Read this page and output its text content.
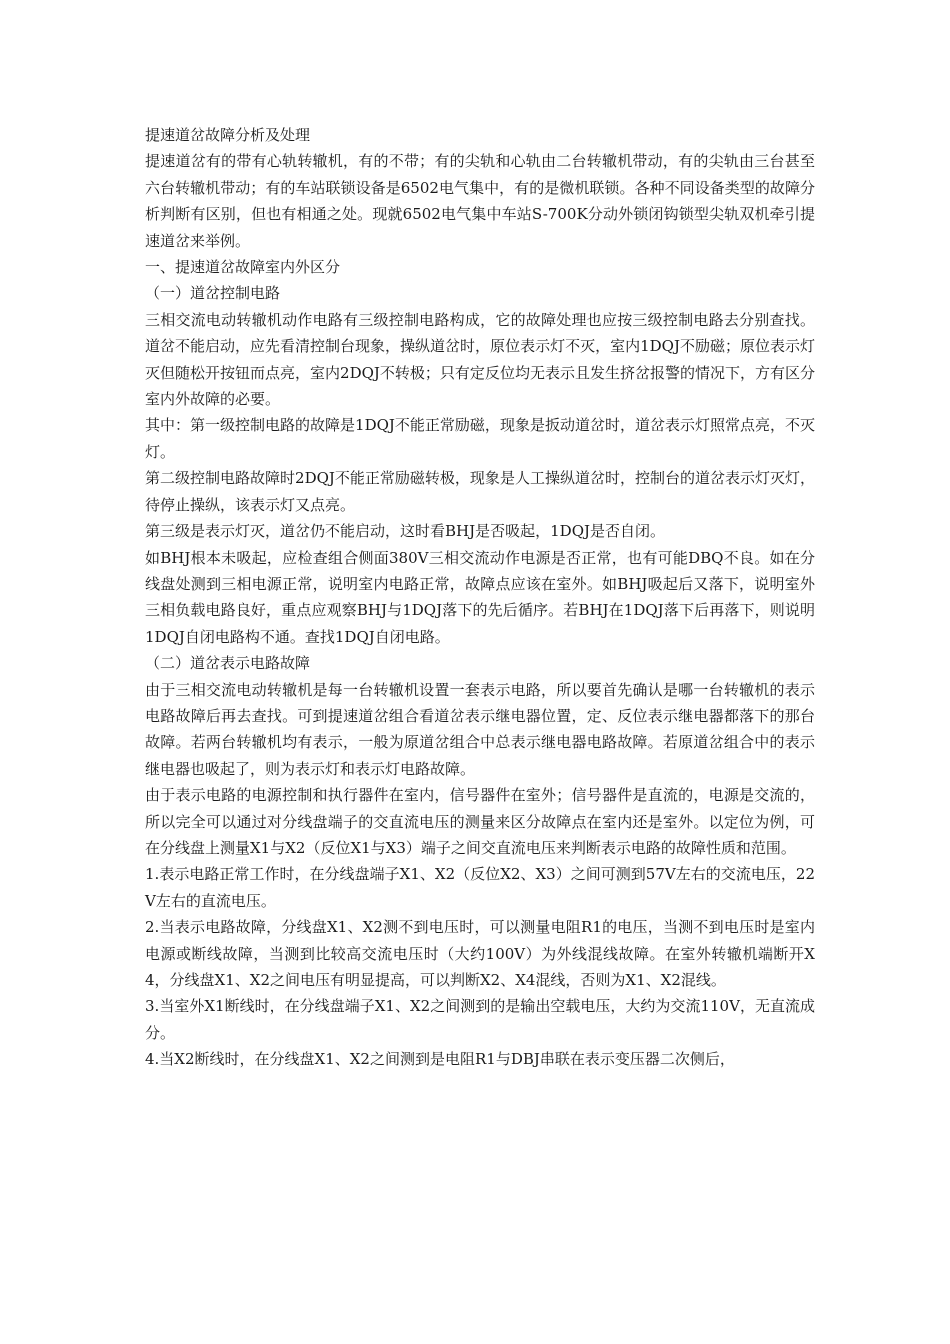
提速道岔故障分析及处理

提速道岔有的带有心轨转辙机，有的不带；有的尖轨和心轨由二台转辙机带动，有的尖轨由三台甚至六台转辙机带动；有的车站联锁设备是6502电气集中，有的是微机联锁。各种不同设备类型的故障分析判断有区别，但也有相通之处。现就6502电气集中车站S-700K分动外锁闭钩锁型尖轨双机牵引提速道岔来举例。

一、提速道岔故障室内外区分

（一）道岔控制电路

三相交流电动转辙机动作电路有三级控制电路构成，它的故障处理也应按三级控制电路去分别查找。道岔不能启动，应先看清控制台现象，操纵道岔时，原位表示灯不灭，室内1DQJ不励磁；原位表示灯灭但随松开按钮而点亮，室内2DQJ不转极；只有定反位均无表示且发生挤岔报警的情况下，方有区分室内外故障的必要。

其中：第一级控制电路的故障是1DQJ不能正常励磁，现象是扳动道岔时，道岔表示灯照常点亮，不灭灯。

第二级控制电路故障时2DQJ不能正常励磁转极，现象是人工操纵道岔时，控制台的道岔表示灯灭灯，待停止操纵，该表示灯又点亮。

第三级是表示灯灭，道岔仍不能启动，这时看BHJ是否吸起，1DQJ是否自闭。

如BHJ根本未吸起，应检查组合侧面380V三相交流动作电源是否正常，也有可能DBQ不良。如在分线盘处测到三相电源正常，说明室内电路正常，故障点应该在室外。如BHJ吸起后又落下，说明室外三相负载电路良好，重点应观察BHJ与1DQJ落下的先后循序。若BHJ在1DQJ落下后再落下，则说明1DQJ自闭电路构不通。查找1DQJ自闭电路。

（二）道岔表示电路故障

由于三相交流电动转辙机是每一台转辙机设置一套表示电路，所以要首先确认是哪一台转辙机的表示电路故障后再去查找。可到提速道岔组合看道岔表示继电器位置，定、反位表示继电器都落下的那台故障。若两台转辙机均有表示，一般为原道岔组合中总表示继电器电路故障。若原道岔组合中的表示继电器也吸起了，则为表示灯和表示灯电路故障。

由于表示电路的电源控制和执行器件在室内，信号器件在室外；信号器件是直流的，电源是交流的，所以完全可以通过对分线盘端子的交直流电压的测量来区分故障点在室内还是室外。以定位为例，可在分线盘上测量X1与X2（反位X1与X3）端子之间交直流电压来判断表示电路的故障性质和范围。

1.表示电路正常工作时，在分线盘端子X1、X2（反位X2、X3）之间可测到57V左右的交流电压，22V左右的直流电压。

2.当表示电路故障，分线盘X1、X2测不到电压时，可以测量电阻R1的电压，当测不到电压时是室内电源或断线故障，当测到比较高交流电压时（大约100V）为外线混线故障。在室外转辙机端断开X4，分线盘X1、X2之间电压有明显提高，可以判断X2、X4混线，否则为X1、X2混线。

3.当室外X1断线时，在分线盘端子X1、X2之间测到的是输出空载电压，大约为交流110V，无直流成分。

4.当X2断线时，在分线盘X1、X2之间测到是电阻R1与DBJ串联在表示变压器二次侧后，
